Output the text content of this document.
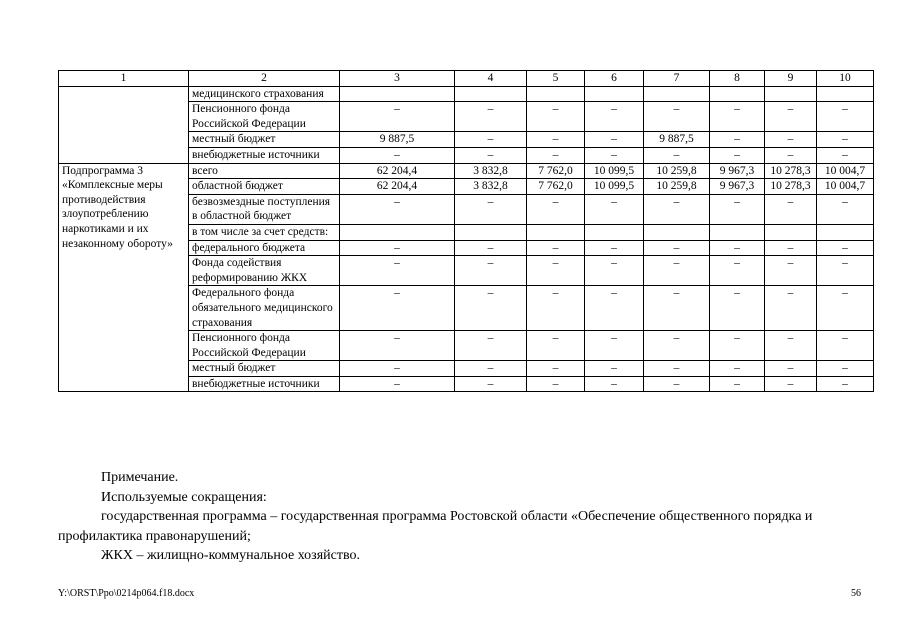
1	2	3	4	5	6	7	8	9	10
	медицинского страхования								
	Пенсионного фонда Российской Федерации	–	–	–	–	–	–	–	–
	местный бюджет	9 887,5	–	–	–	9 887,5	–	–	–
	внебюджетные источники	–	–	–	–	–	–	–	–
Подпрограмма 3 «Комплексные меры противодействия злоупотреблению наркотиками и их незаконному обороту»	всего	62 204,4	3 832,8	7 762,0	10 099,5	10 259,8	9 967,3	10 278,3	10 004,7
	областной бюджет	62 204,4	3 832,8	7 762,0	10 099,5	10 259,8	9 967,3	10 278,3	10 004,7
	безвозмездные поступления в областной бюджет	–	–	–	–	–	–	–	–
	в том числе за счет средств:								
	федерального бюджета	–	–	–	–	–	–	–	–
	Фонда содействия реформированию ЖКХ	–	–	–	–	–	–	–	–
	Федерального фонда обязательного медицинского страхования	–	–	–	–	–	–	–	–
	Пенсионного фонда Российской Федерации	–	–	–	–	–	–	–	–
	местный бюджет	–	–	–	–	–	–	–	–
	внебюджетные источники	–	–	–	–	–	–	–	–

Примечание.

Используемые сокращения:

государственная программа – государственная программа Ростовской области «Обеспечение общественного порядка и профилактика правонарушений;

ЖКХ – жилищно-коммунальное хозяйство.

Y:\ORST\Ppo\0214p064.f18.docx	56
